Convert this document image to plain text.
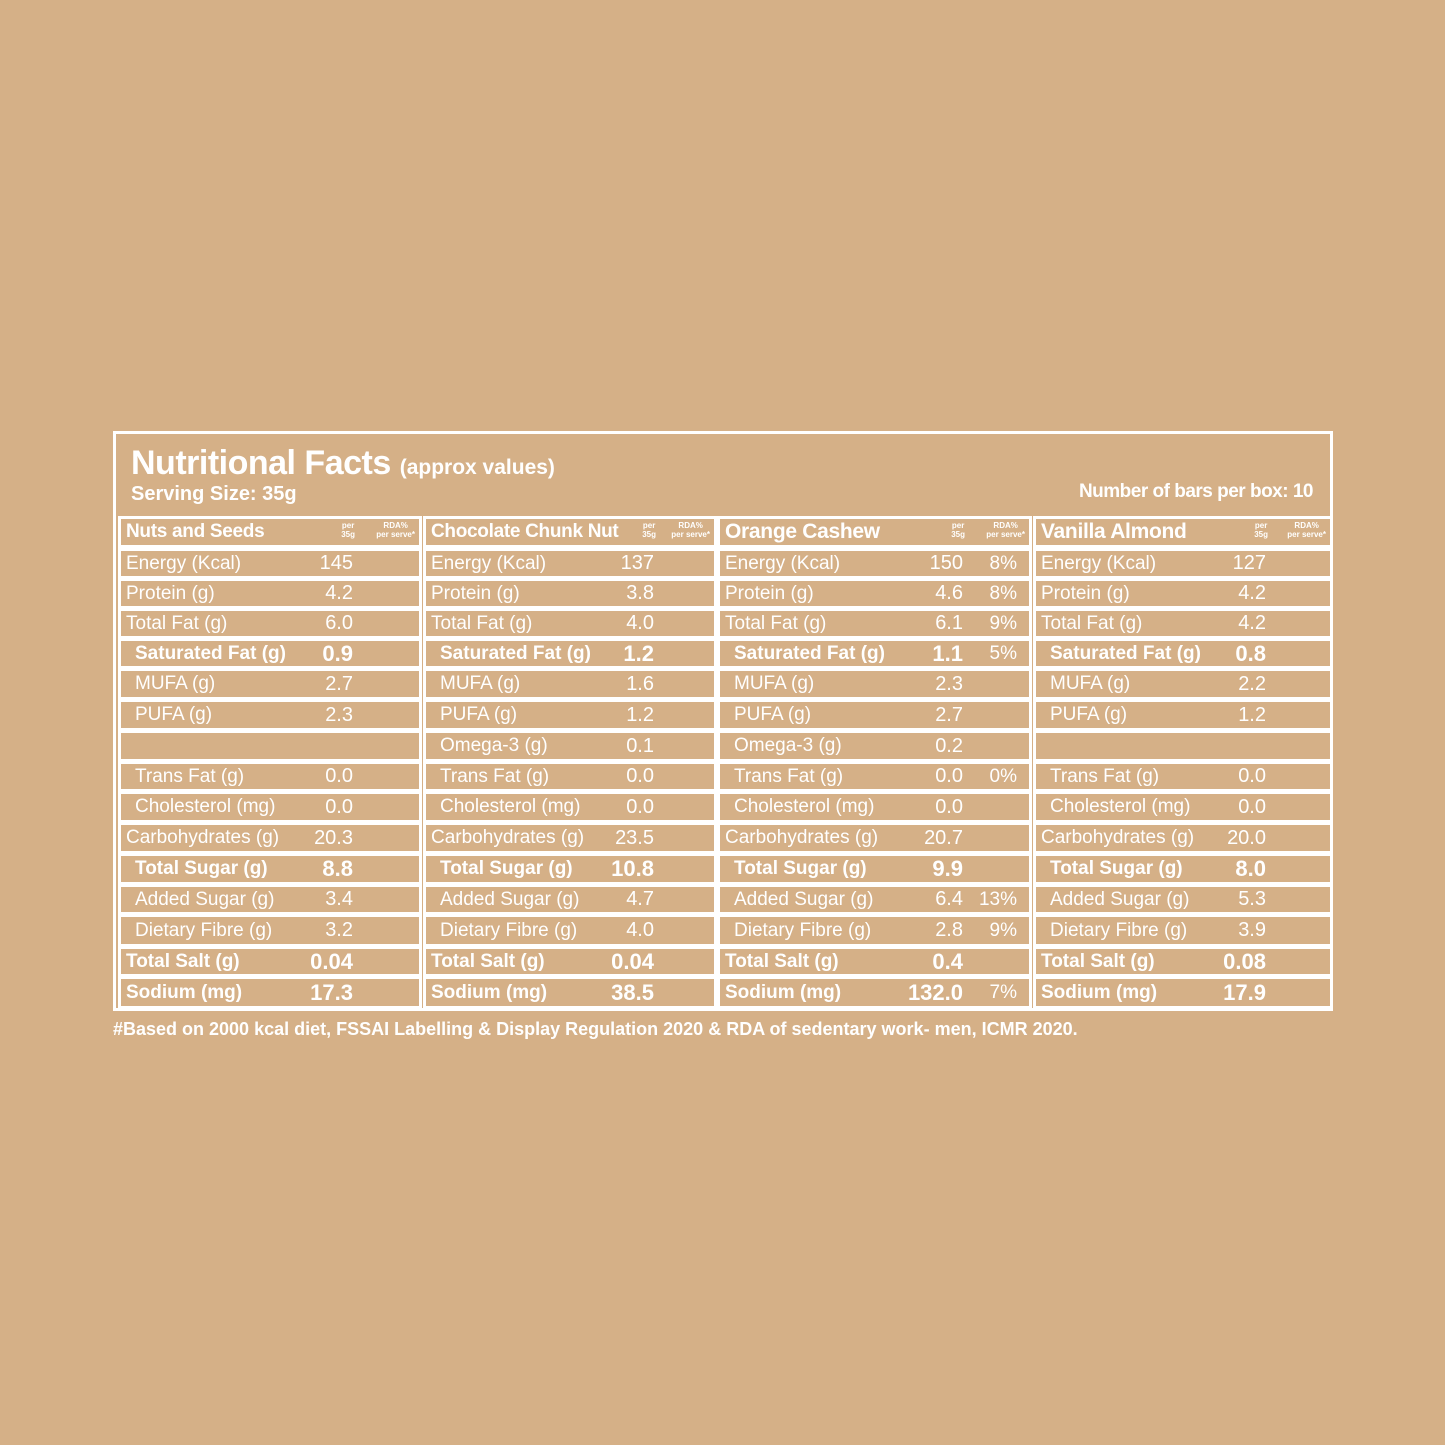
Nutritional Facts (approx values)
Serving Size: 35g	Number of bars per box: 10
Nuts and Seeds	per
35g
RDA%
per serve*
Energy (Kcal)	145
Protein (g)	4.2
Total Fat (g)	6.0
Saturated Fat (g) 0.9
MUFA (g)	2.7
PUFA (g)	2.3
Trans Fat (g)	0.0
Cholesterol (mg) 0.0
Carbohydrates (g) 20.3
Total Sugar (g) 8.8
Added Sugar (g)	3.4
Dietary Fibre (g)	3.2
Total Salt (g)	0.04
Sodium (mg)	17.3
Chocolate Chunk Nut	per
35g
RDA%
per serve*
Energy (Kcal)	137
Protein (g)	3.8
Total Fat (g)	4.0
Saturated Fat (g) 1.2
MUFA (g)	1.6
PUFA (g)	1.2
Omega-3 (g)	0.1
Trans Fat (g)	0.0
Cholesterol (mg) 0.0
Carbohydrates (g) 23.5
Total Sugar (g) 10.8
Added Sugar (g) 4.7
Dietary Fibre (g) 4.0
Total Salt (g)	0.04
Sodium (mg)	38.5
Orange Cashew	per
35g
RDA%
per serve*
Energy (Kcal)	150 8%
Protein (g)	4.6 8%
Total Fat (g)	6.1 9%
Saturated Fat (g) 1.1 5%
MUFA (g)	2.3
PUFA (g)	2.7
Omega-3 (g)	0.2
Trans Fat (g)	0.0 0%
Cholesterol (mg)	0.0
Carbohydrates (g) 20.7
Total Sugar (g)	9.9
Added Sugar (g)	6.4 13%
Dietary Fibre (g)	2.8 9%
Total Salt (g)	0.4
Sodium (mg)	132.0 7%
Vanilla Almond	per
35g
RDA%
per serve*
Energy (Kcal)	127
Protein (g)	4.2
Total Fat (g)	4.2
Saturated Fat (g) 0.8
MUFA (g)	2.2
PUFA (g)	1.2
Trans Fat (g)	0.0
Cholesterol (mg) 0.0
Carbohydrates (g) 20.0
Total Sugar (g) 8.0
Added Sugar (g) 5.3
Dietary Fibre (g)	3.9
Total Salt (g)	0.08
Sodium (mg)	17.9
#Based on 2000 kcal diet, FSSAI Labelling & Display Regulation 2020 & RDA of sedentary work- men, ICMR 2020.
